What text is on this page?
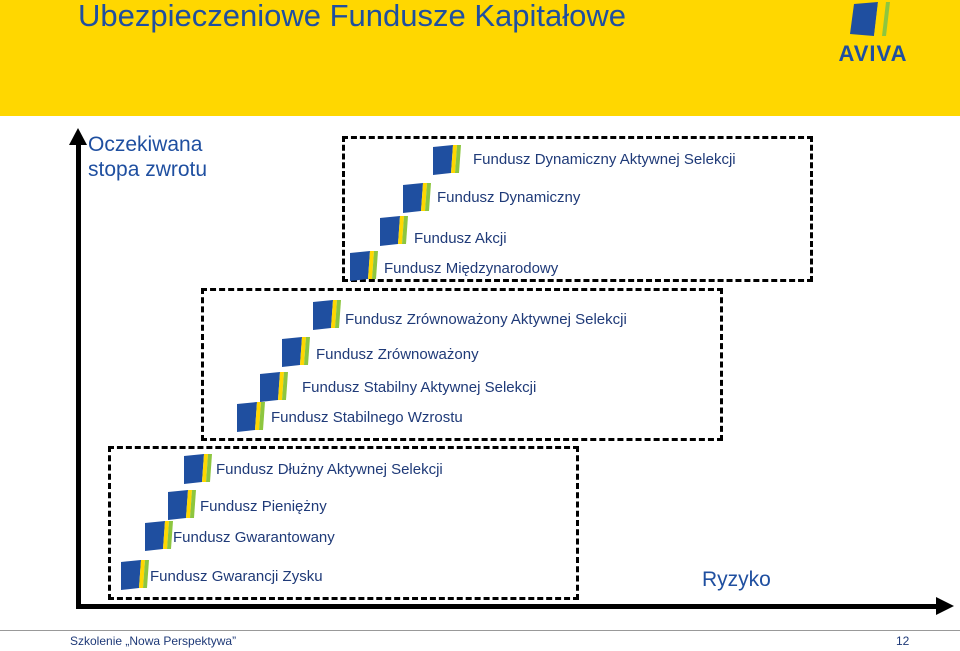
Ubezpieczeniowe Fundusze Kapitałowe
AVIVA
Oczekiwana stopa zwrotu
Ryzyko
Fundusz Dynamiczny Aktywnej Selekcji
Fundusz Dynamiczny
Fundusz Akcji
Fundusz Międzynarodowy
Fundusz Zrównoważony Aktywnej Selekcji
Fundusz Zrównoważony
Fundusz Stabilny Aktywnej Selekcji
Fundusz Stabilnego Wzrostu
Fundusz Dłużny Aktywnej Selekcji
Fundusz Pieniężny
Fundusz Gwarantowany
Fundusz Gwarancji Zysku
Szkolenie „Nowa Perspektywa”	12
